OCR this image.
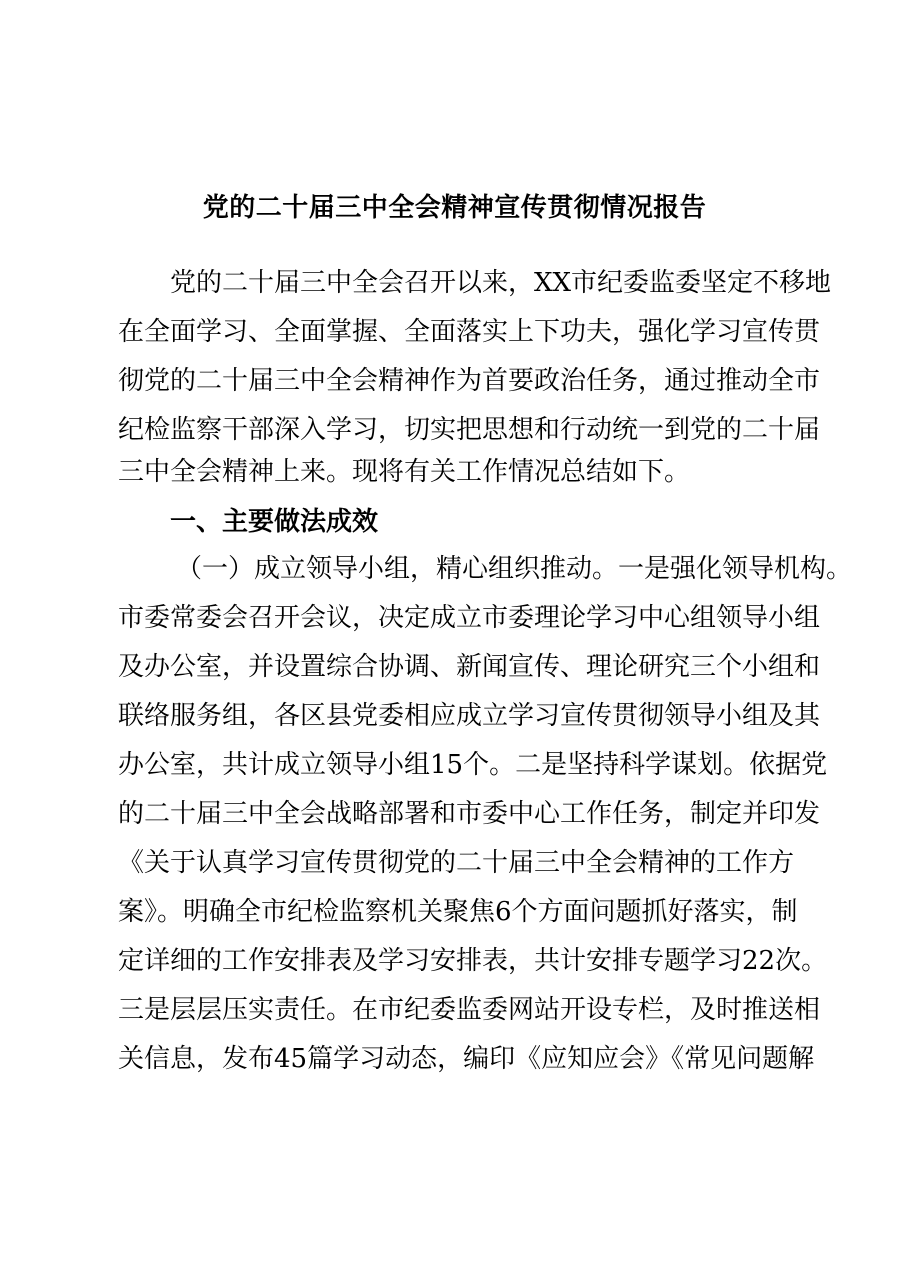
党的二十届三中全会精神宣传贯彻情况报告
党的二十届三中全会召开以来，XX市纪委监委坚定不移地
在全面学习、全面掌握、全面落实上下功夫，强化学习宣传贯
彻党的二十届三中全会精神作为首要政治任务，通过推动全市
纪检监察干部深入学习，切实把思想和行动统一到党的二十届
三中全会精神上来。现将有关工作情况总结如下。
一、主要做法成效
（一）成立领导小组，精心组织推动。一是强化领导机构。
市委常委会召开会议，决定成立市委理论学习中心组领导小组
及办公室，并设置综合协调、新闻宣传、理论研究三个小组和
联络服务组，各区县党委相应成立学习宣传贯彻领导小组及其
办公室，共计成立领导小组15个。二是坚持科学谋划。依据党
的二十届三中全会战略部署和市委中心工作任务，制定并印发
《关于认真学习宣传贯彻党的二十届三中全会精神的工作方
案》。明确全市纪检监察机关聚焦6个方面问题抓好落实，制
定详细的工作安排表及学习安排表，共计安排专题学习22次。
三是层层压实责任。在市纪委监委网站开设专栏，及时推送相
关信息，发布45篇学习动态，编印《应知应会》《常见问题解
